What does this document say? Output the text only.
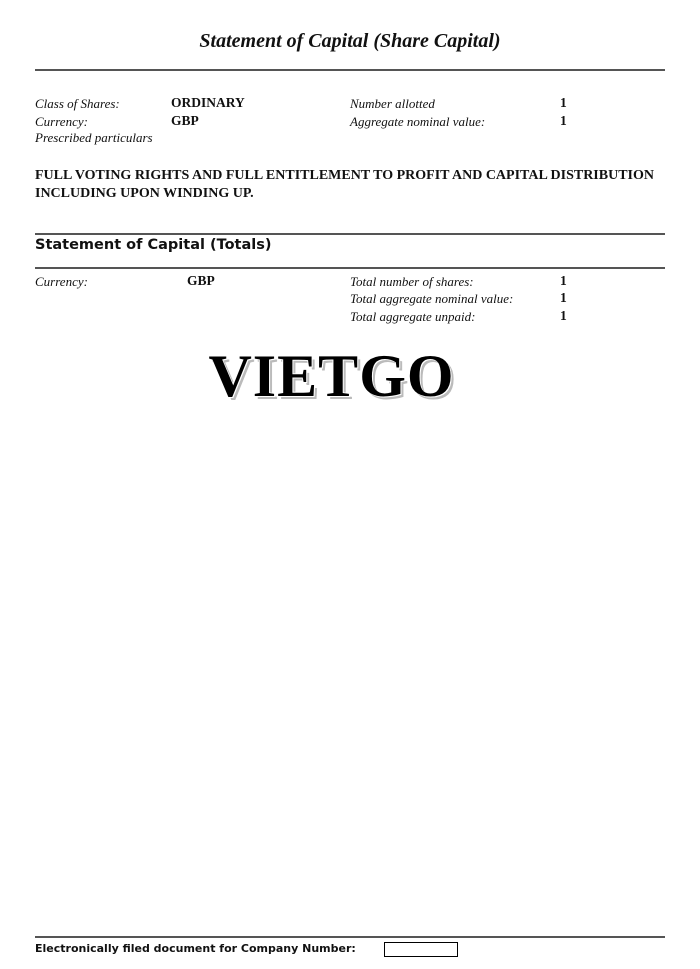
Statement of Capital (Share Capital)
Class of Shares:	ORDINARY	Number allotted	1
Currency:	GBP	Aggregate nominal value:	1
Prescribed particulars
FULL VOTING RIGHTS AND FULL ENTITLEMENT TO PROFIT AND CAPITAL DISTRIBUTION INCLUDING UPON WINDING UP.
Statement of Capital (Totals)
Currency:	GBP	Total number of shares:	1
Total aggregate nominal value:	1
Total aggregate unpaid:	1
VIETGO
Electronically filed document for Company Number:
